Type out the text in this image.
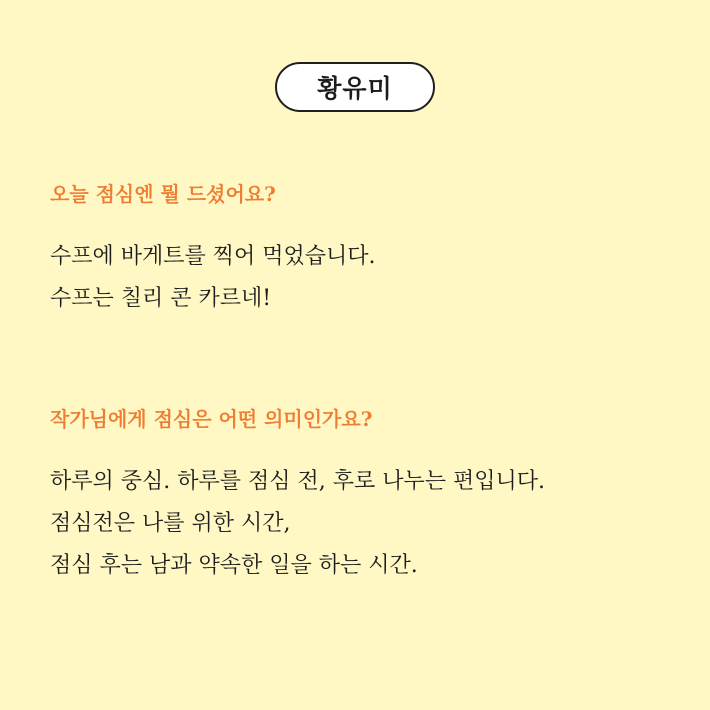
황유미
오늘 점심엔 뭘 드셨어요?
수프에 바게트를 찍어 먹었습니다.
수프는 칠리 콘 카르네!
작가님에게 점심은 어떤 의미인가요?
하루의 중심. 하루를 점심 전, 후로 나누는 편입니다.
점심전은 나를 위한 시간,
점심 후는 남과 약속한 일을 하는 시간.
